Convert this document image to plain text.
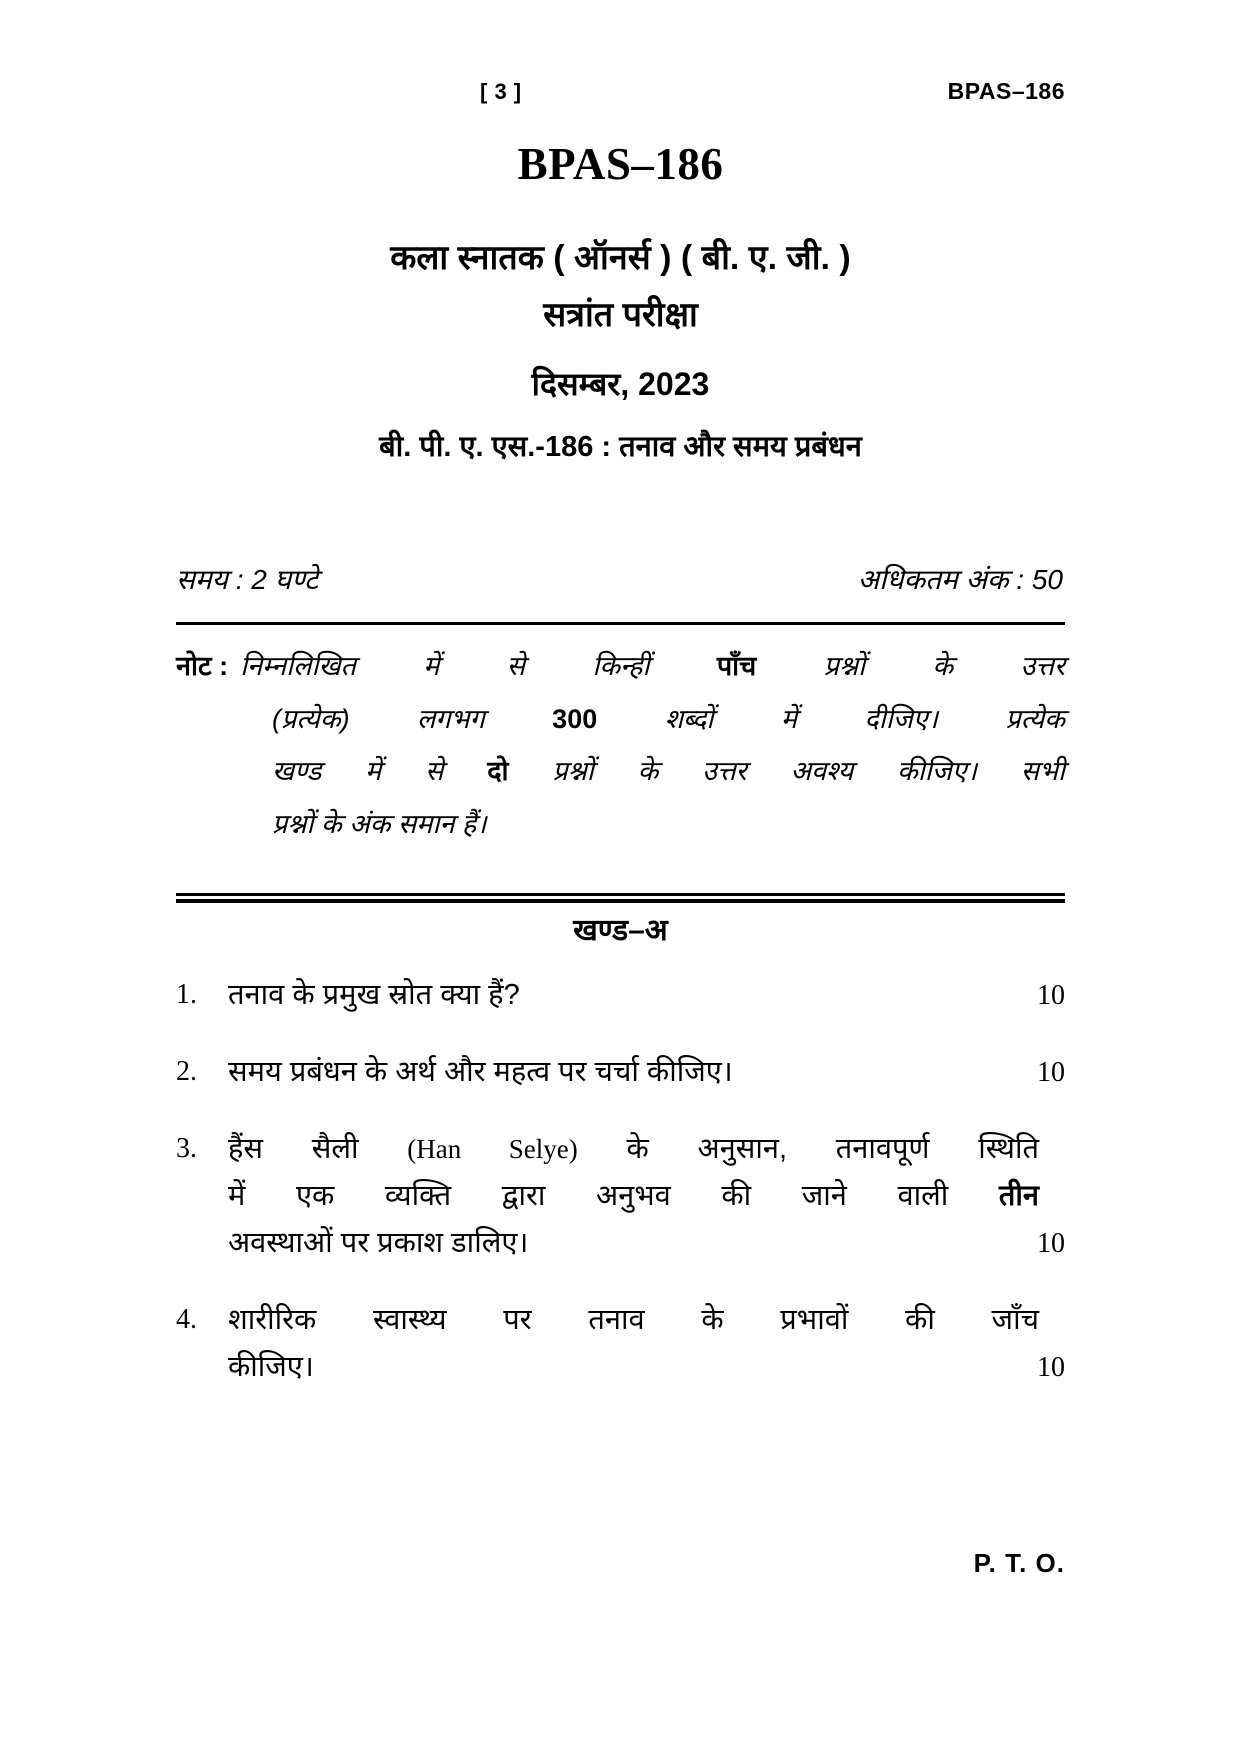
[ 3 ]	BPAS–186
BPAS–186
कला स्नातक ( ऑनर्स ) ( बी. ए. जी. )
सत्रांत परीक्षा
दिसम्बर, 2023
बी. पी. ए. एस.-186 : तनाव और समय प्रबंधन
समय : 2 घण्टे	अधिकतम अंक : 50
नोट : निम्नलिखित में से किन्हीं पाँच प्रश्नों के उत्तर
(प्रत्येक) लगभग 300 शब्दों में दीजिए। प्रत्येक
खण्ड में से दो प्रश्नों के उत्तर अवश्य कीजिए। सभी
प्रश्नों के अंक समान हैं।
खण्ड–अ
1.	तनाव के प्रमुख स्रोत क्या हैं?	10
2.	समय प्रबंधन के अर्थ और महत्व पर चर्चा कीजिए।	10
3.	हैंस सैली (Han Selye) के अनुसान, तनावपूर्ण स्थिति
में एक व्यक्ति द्वारा अनुभव की जाने वाली तीन
अवस्थाओं पर प्रकाश डालिए।	10
4.	शारीरिक स्वास्थ्य पर तनाव के प्रभावों की जाँच
कीजिए।	10
P. T. O.
